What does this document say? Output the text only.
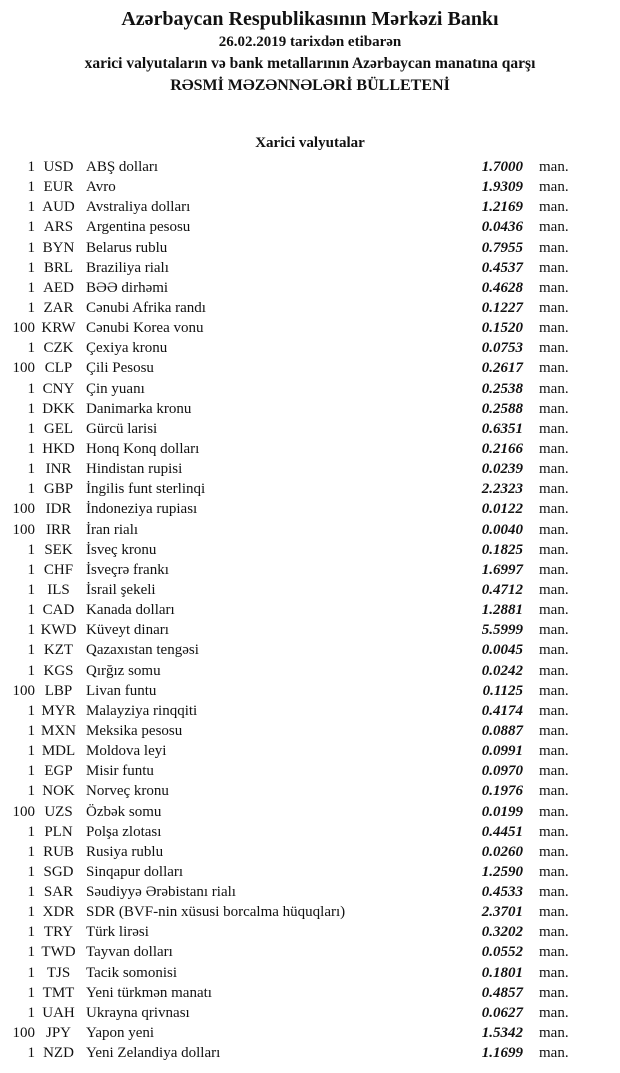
Azərbaycan Respublikasının Mərkəzi Bankı
26.02.2019 tarixdən etibarən
xarici valyutaların və bank metallarının Azərbaycan manatına qarşı
RƏSMİ MƏZƏNNƏLƏRİ BÜLLETENİ
Xarici valyutalar
1 USD ABŞ dolları	1.7000	man.
1 EUR Avro	1.9309	man.
1 AUD Avstraliya dolları	1.2169	man.
1 ARS Argentina pesosu	0.0436	man.
1 BYN Belarus rublu	0.7955	man.
1 BRL Braziliya rialı	0.4537	man.
1 AED BƏƏ dirhəmi	0.4628	man.
1 ZAR Cənubi Afrika randı	0.1227	man.
100 KRW Cənubi Korea vonu	0.1520	man.
1 CZK Çexiya kronu	0.0753	man.
100 CLP Çili Pesosu	0.2617	man.
1 CNY Çin yuanı	0.2538	man.
1 DKK Danimarka kronu	0.2588	man.
1 GEL Gürcü larisi	0.6351	man.
1 HKD Honq Konq dolları	0.2166	man.
1 INR Hindistan rupisi	0.0239	man.
1 GBP İngilis funt sterlinqi	2.2323	man.
100 IDR İndoneziya rupiası	0.0122	man.
100 IRR	İran rialı	0.0040	man.
1 SEK İsveç kronu	0.1825	man.
1 CHF İsveçrə frankı	1.6997	man.
1 ILS	İsrail şekeli	0.4712	man.
1 CAD Kanada dolları	1.2881	man.
1 KWD Küveyt dinarı	5.5999	man.
1 KZT Qazaxıstan tengəsi	0.0045	man.
1 KGS Qırğız somu	0.0242	man.
100 LBP Livan funtu	0.1125	man.
1 MYR Malayziya rinqqiti	0.4174	man.
1 MXN Meksika pesosu	0.0887	man.
1 MDL Moldova leyi	0.0991	man.
1 EGP Misir funtu	0.0970	man.
1 NOK Norveç kronu	0.1976	man.
100 UZS Özbək somu	0.0199	man.
1 PLN Polşa zlotası	0.4451	man.
1 RUB Rusiya rublu	0.0260	man.
1 SGD Sinqapur dolları	1.2590	man.
1 SAR Səudiyyə Ərəbistanı rialı	0.4533	man.
1 XDR SDR (BVF-nin xüsusi borcalma hüquqları)	2.3701	man.
1 TRY Türk lirəsi	0.3202	man.
1 TWD Tayvan dolları	0.0552	man.
1 TJS	Tacik somonisi	0.1801	man.
1 TMT Yeni türkmən manatı	0.4857	man.
1 UAH Ukrayna qrivnası	0.0627	man.
100 JPY	Yapon yeni	1.5342	man.
1 NZD Yeni Zelandiya dolları	1.1699	man.
